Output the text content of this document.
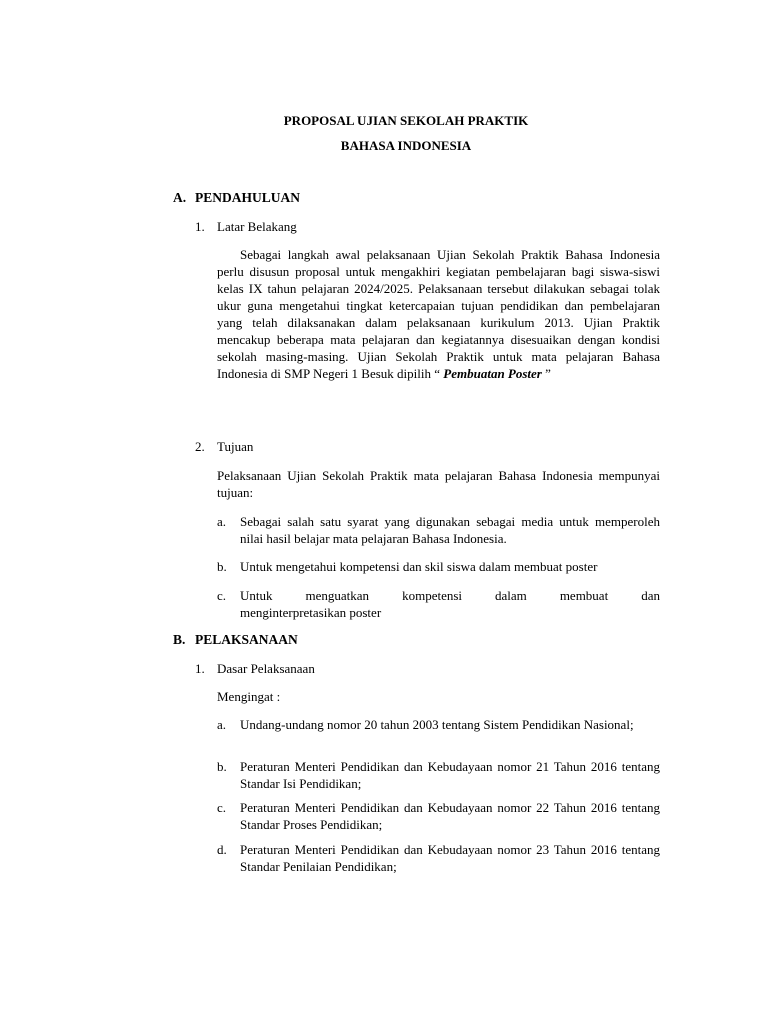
PROPOSAL UJIAN SEKOLAH PRAKTIK

BAHASA INDONESIA

A. PENDAHULUAN

1. Latar Belakang

Sebagai langkah awal pelaksanaan Ujian Sekolah Praktik Bahasa Indonesia perlu disusun proposal untuk mengakhiri kegiatan pembelajaran bagi siswa-siswi kelas IX tahun pelajaran 2024/2025. Pelaksanaan tersebut dilakukan sebagai tolak ukur guna mengetahui tingkat ketercapaian tujuan pendidikan dan pembelajaran yang telah dilaksanakan dalam pelaksanaan kurikulum 2013. Ujian Praktik mencakup beberapa mata pelajaran dan kegiatannya disesuaikan dengan kondisi sekolah masing-masing. Ujian Sekolah Praktik untuk mata pelajaran Bahasa Indonesia di SMP Negeri 1 Besuk dipilih “ Pembuatan Poster ”

2. Tujuan

Pelaksanaan Ujian Sekolah Praktik mata pelajaran Bahasa Indonesia mempunyai tujuan:

a. Sebagai salah satu syarat yang digunakan sebagai media untuk memperoleh nilai hasil belajar mata pelajaran Bahasa Indonesia.
b. Untuk mengetahui kompetensi dan skil siswa dalam membuat poster
c. Untuk	menguatkan	kompetensi	dalam	membuat	dan
menginterpretasikan poster

B. PELAKSANAAN

1. Dasar Pelaksanaan

Mengingat :

a. Undang-undang nomor 20 tahun 2003 tentang Sistem Pendidikan Nasional;
b. Peraturan Menteri Pendidikan dan Kebudayaan nomor 21 Tahun 2016 tentang Standar Isi Pendidikan;
c. Peraturan Menteri Pendidikan dan Kebudayaan nomor 22 Tahun 2016 tentang Standar Proses Pendidikan;
d. Peraturan Menteri Pendidikan dan Kebudayaan nomor 23 Tahun 2016 tentang Standar Penilaian Pendidikan;
